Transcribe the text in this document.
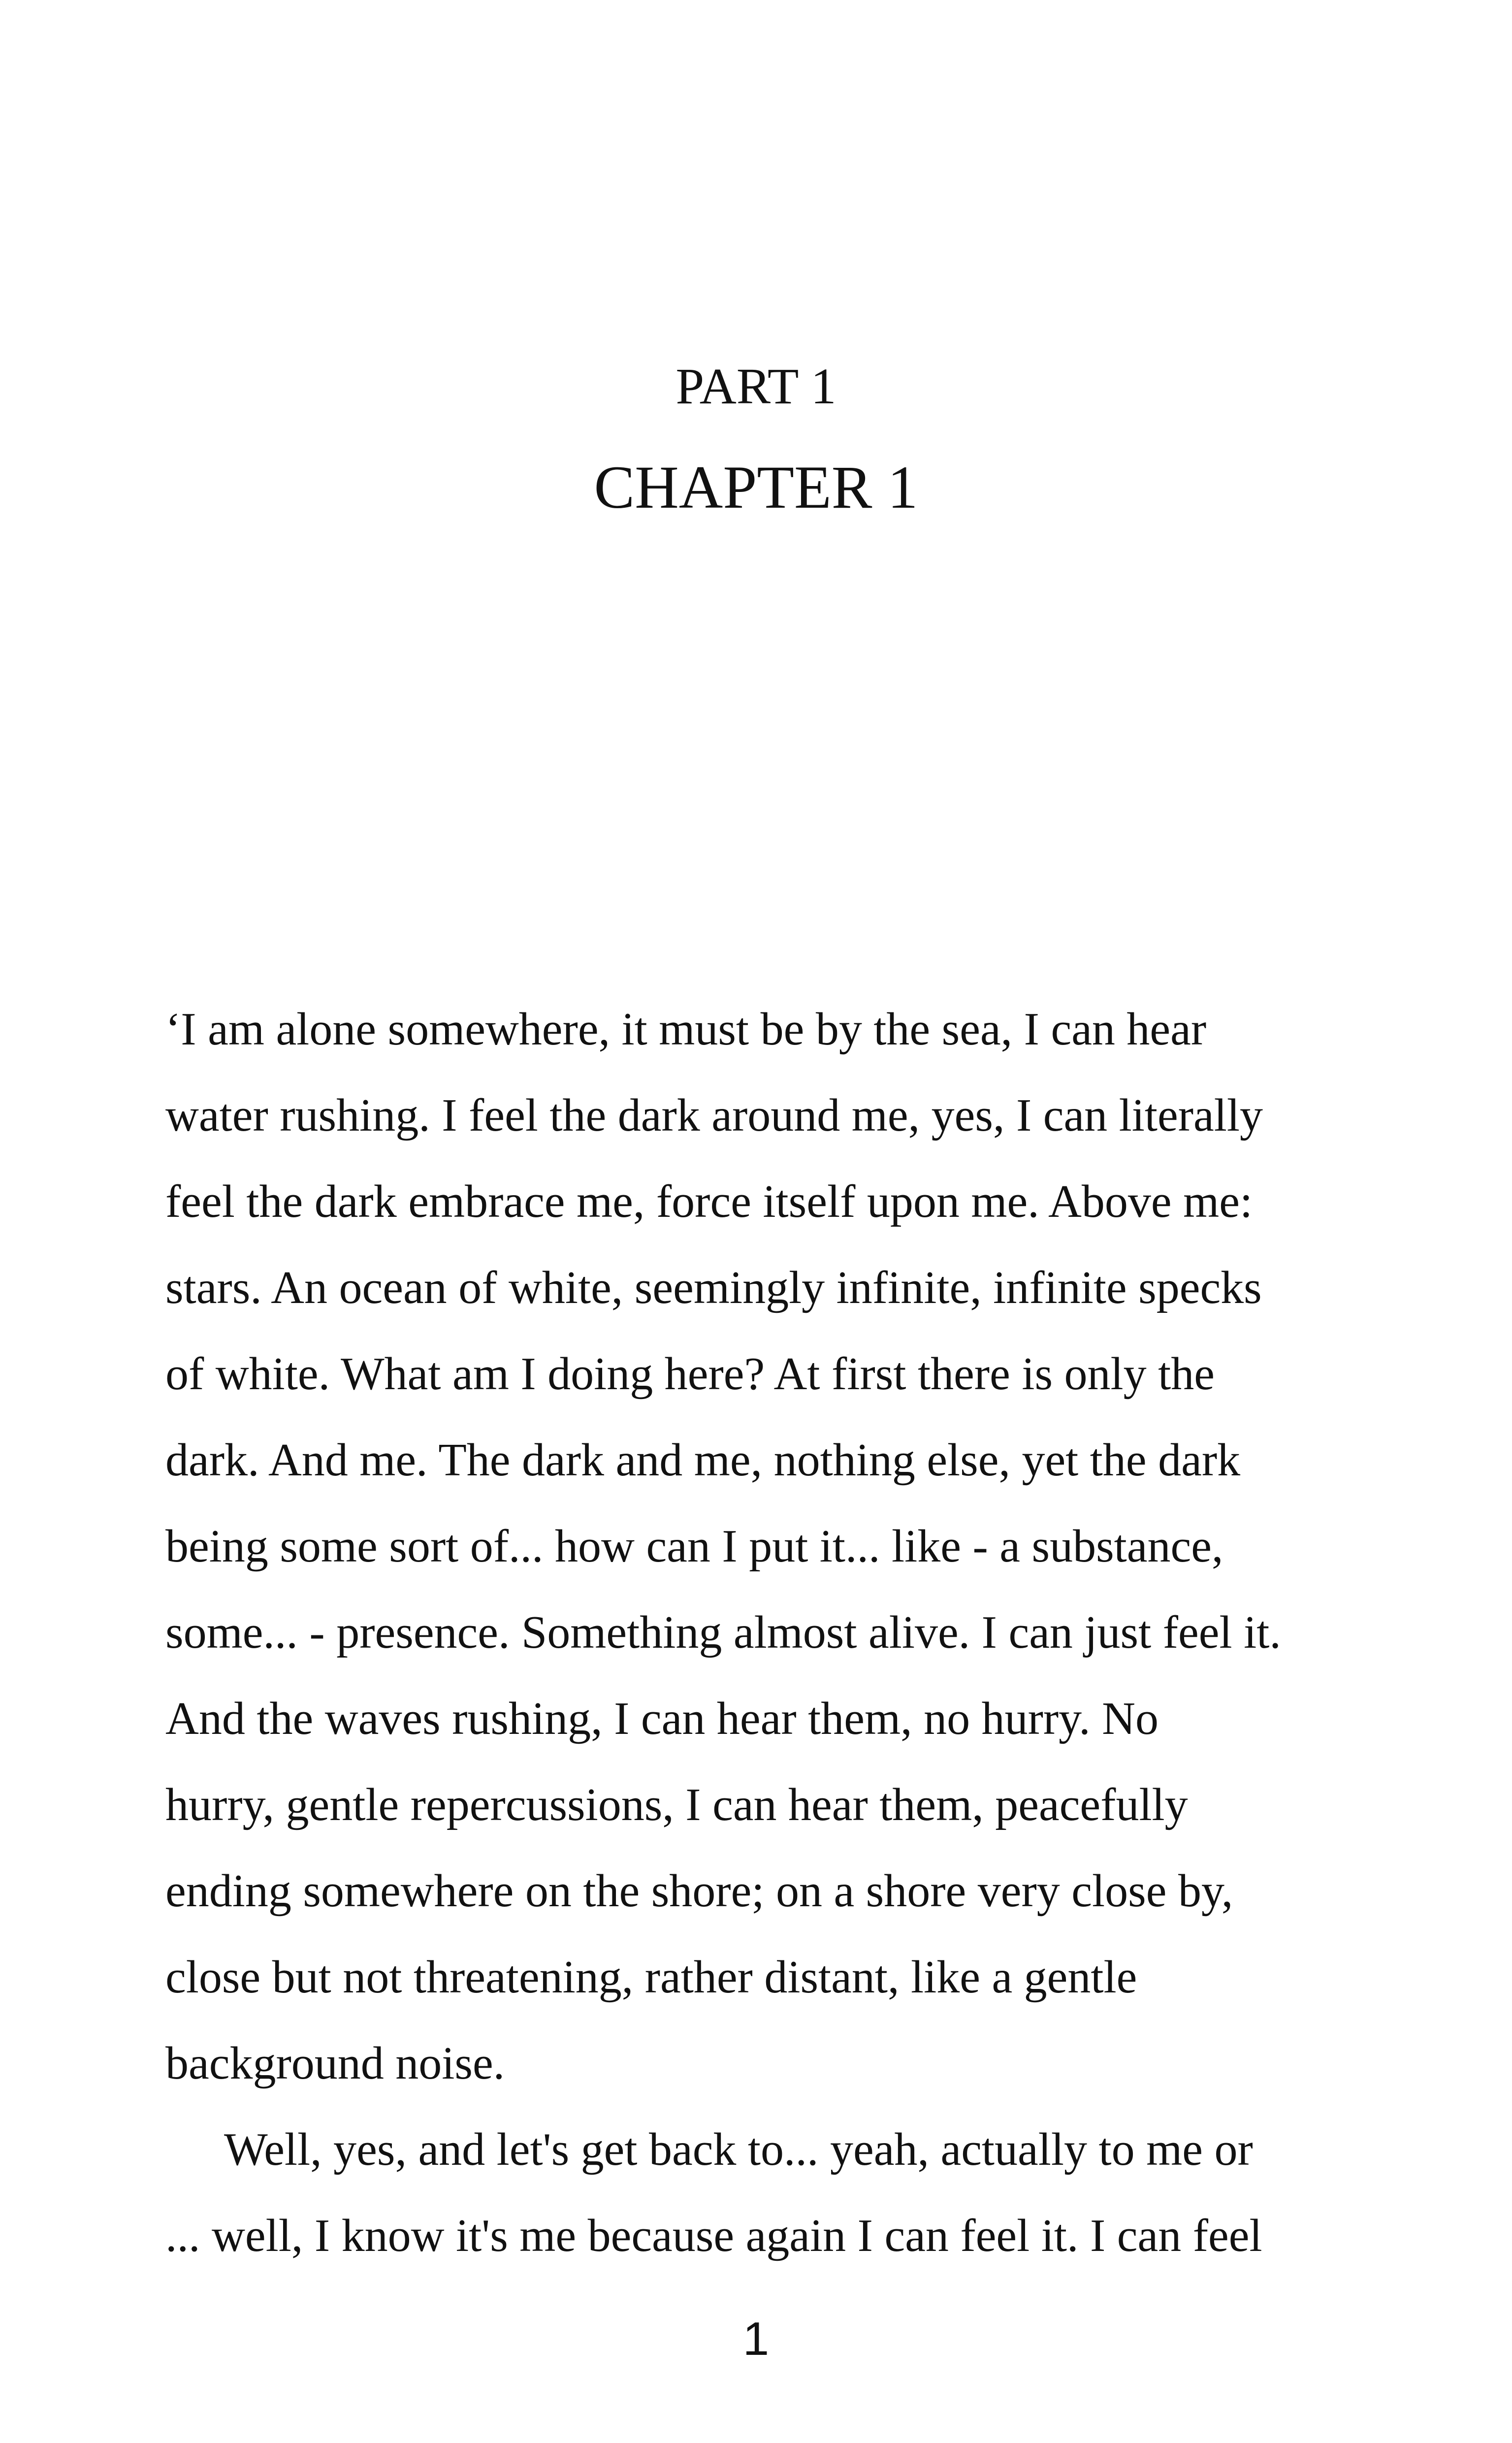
PART 1
CHAPTER 1

‘I am alone somewhere, it must be by the sea, I can hear

water rushing. I feel the dark around me, yes, I can literally

feel the dark embrace me, force itself upon me. Above me:

stars. An ocean of white, seemingly infinite, infinite specks

of white. What am I doing here? At first there is only the

dark. And me. The dark and me, nothing else, yet the dark

being some sort of... how can I put it... like - a substance,

some... - presence. Something almost alive. I can just feel it.

And the waves rushing, I can hear them, no hurry. No

hurry, gentle repercussions, I can hear them, peacefully

ending somewhere on the shore; on a shore very close by,

close but not threatening, rather distant, like a gentle

background noise.

Well, yes, and let's get back to... yeah, actually to me or

... well, I know it's me because again I can feel it. I can feel

1
